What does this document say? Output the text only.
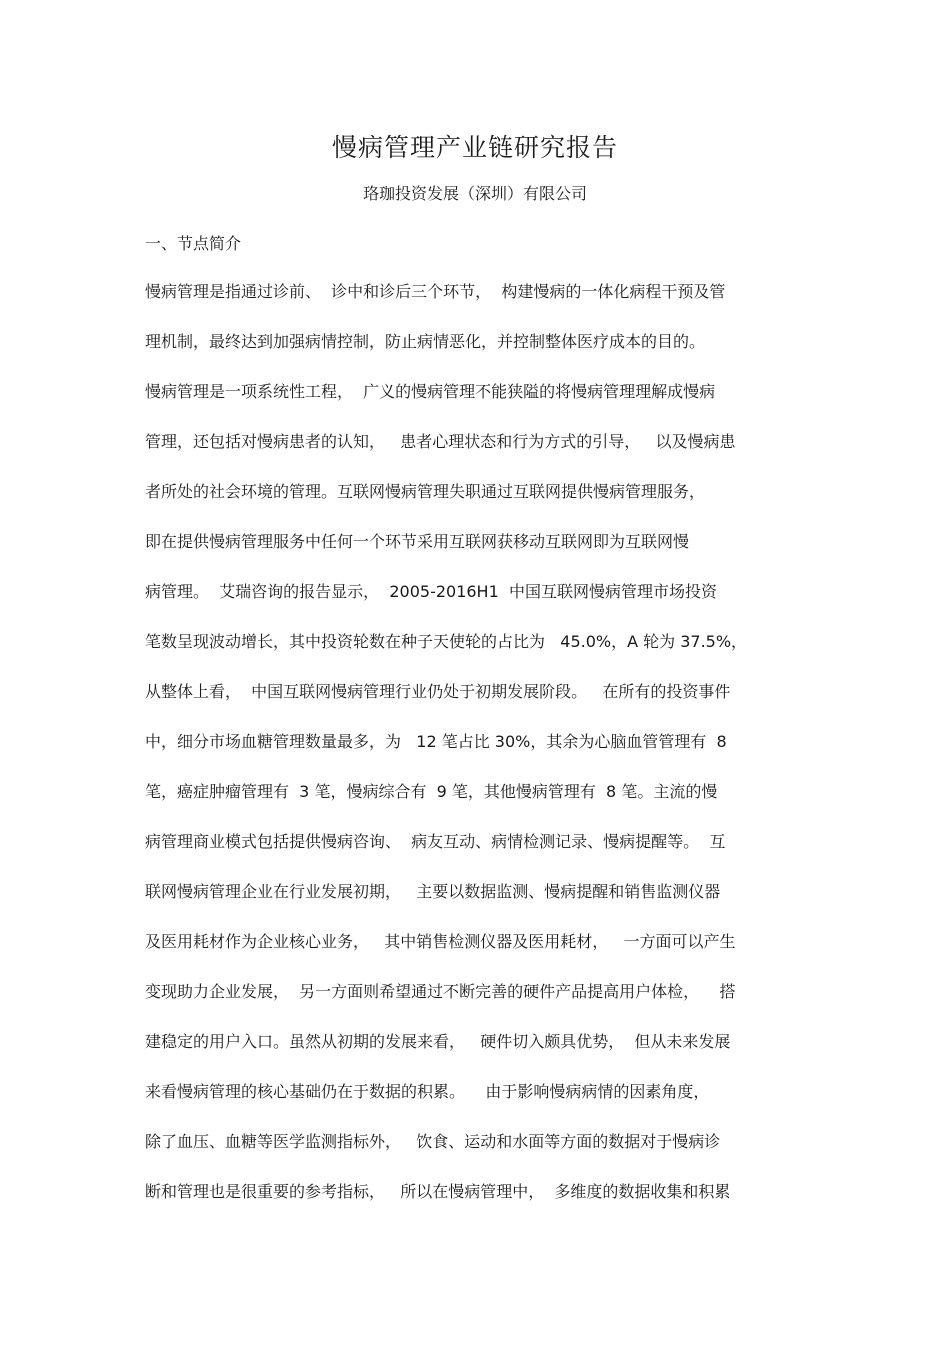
慢病管理产业链研究报告
珞珈投资发展（深圳）有限公司
一、节点简介
慢病管理是指通过诊前、  诊中和诊后三个环节，  构建慢病的一体化病程干预及管
理机制，最终达到加强病情控制，防止病情恶化，并控制整体医疗成本的目的。
慢病管理是一项系统性工程，  广义的慢病管理不能狭隘的将慢病管理理解成慢病
管理，还包括对慢病患者的认知，   患者心理状态和行为方式的引导，   以及慢病患
者所处的社会环境的管理。互联网慢病管理失职通过互联网提供慢病管理服务，
即在提供慢病管理服务中任何一个环节采用互联网获移动互联网即为互联网慢
病管理。  艾瑞咨询的报告显示，  2005-2016H1  中国互联网慢病管理市场投资
笔数呈现波动增长，其中投资轮数在种子天使轮的占比为   45.0%，A 轮为 37.5%，
从整体上看，  中国互联网慢病管理行业仍处于初期发展阶段。   在所有的投资事件
中，细分市场血糖管理数量最多，为   12 笔占比 30%，其余为心脑血管管理有  8
笔，癌症肿瘤管理有  3 笔，慢病综合有  9 笔，其他慢病管理有  8 笔。主流的慢
病管理商业模式包括提供慢病咨询、  病友互动、病情检测记录、慢病提醒等。  互
联网慢病管理企业在行业发展初期，   主要以数据监测、慢病提醒和销售监测仪器
及医用耗材作为企业核心业务，   其中销售检测仪器及医用耗材，   一方面可以产生
变现助力企业发展，  另一方面则希望通过不断完善的硬件产品提高用户体检，    搭
建稳定的用户入口。虽然从初期的发展来看，   硬件切入颇具优势，  但从未来发展
来看慢病管理的核心基础仍在于数据的积累。    由于影响慢病病情的因素角度，
除了血压、血糖等医学监测指标外，   饮食、运动和水面等方面的数据对于慢病诊
断和管理也是很重要的参考指标，   所以在慢病管理中，  多维度的数据收集和积累
